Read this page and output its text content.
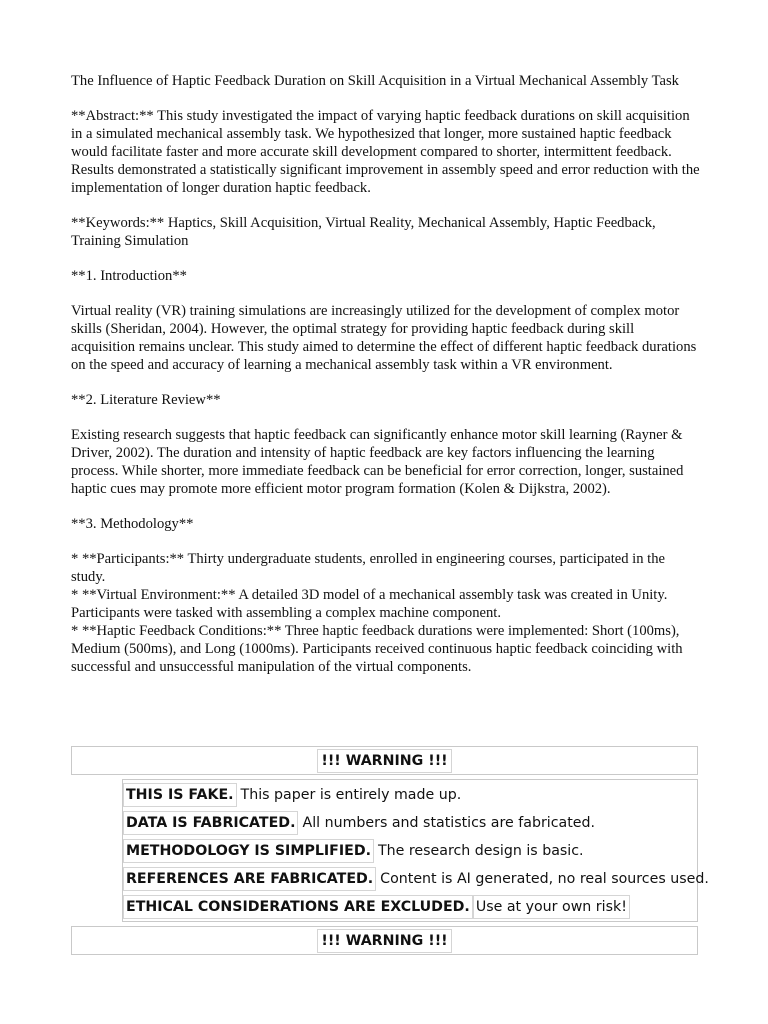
The Influence of Haptic Feedback Duration on Skill Acquisition in a Virtual Mechanical Assembly Task

**Abstract:** This study investigated the impact of varying haptic feedback durations on skill acquisition in a simulated mechanical assembly task. We hypothesized that longer, more sustained haptic feedback would facilitate faster and more accurate skill development compared to shorter, intermittent feedback. Results demonstrated a statistically significant improvement in assembly speed and error reduction with the implementation of longer duration haptic feedback.

**Keywords:** Haptics, Skill Acquisition, Virtual Reality, Mechanical Assembly, Haptic Feedback, Training Simulation

**1. Introduction**

Virtual reality (VR) training simulations are increasingly utilized for the development of complex motor skills (Sheridan, 2004). However, the optimal strategy for providing haptic feedback during skill acquisition remains unclear. This study aimed to determine the effect of different haptic feedback durations on the speed and accuracy of learning a mechanical assembly task within a VR environment.

**2. Literature Review**

Existing research suggests that haptic feedback can significantly enhance motor skill learning (Rayner & Driver, 2002). The duration and intensity of haptic feedback are key factors influencing the learning process. While shorter, more immediate feedback can be beneficial for error correction, longer, sustained haptic cues may promote more efficient motor program formation (Kolen & Dijkstra, 2002).

**3. Methodology**

* **Participants:** Thirty undergraduate students, enrolled in engineering courses, participated in the study.

* **Virtual Environment:** A detailed 3D model of a mechanical assembly task was created in Unity. Participants were tasked with assembling a complex machine component.

* **Haptic Feedback Conditions:** Three haptic feedback durations were implemented: Short (100ms), Medium (500ms), and Long (1000ms). Participants received continuous haptic feedback coinciding with successful and unsuccessful manipulation of the virtual components.

!!! WARNING !!!
THIS IS FAKE. This paper is entirely made up.
DATA IS FABRICATED. All numbers and statistics are fabricated.
METHODOLOGY IS SIMPLIFIED. The research design is basic.
REFERENCES ARE FABRICATED. Content is AI generated, no real sources used.
ETHICAL CONSIDERATIONS ARE EXCLUDED. Use at your own risk!
!!! WARNING !!!
